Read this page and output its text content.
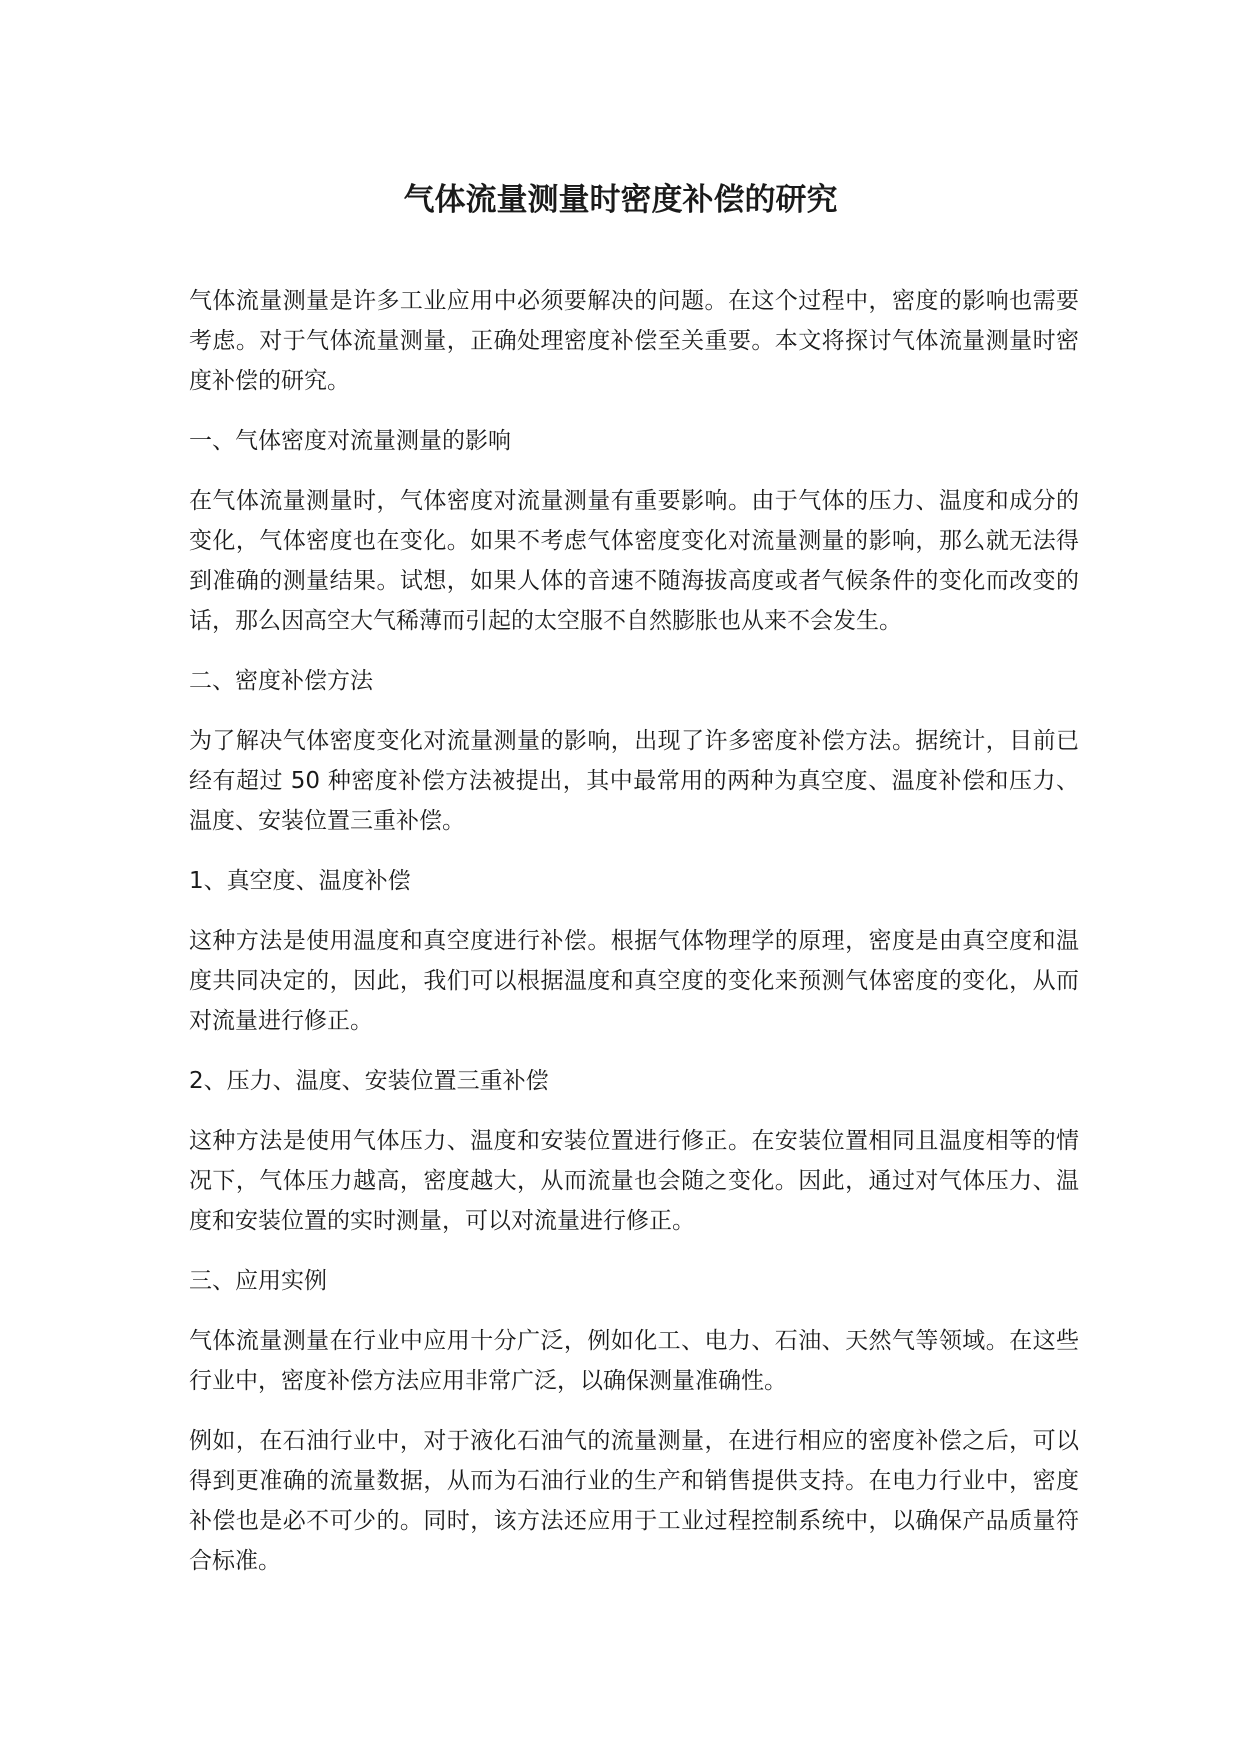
气体流量测量时密度补偿的研究

气体流量测量是许多工业应用中必须要解决的问题。在这个过程中，密度的影响也需要考虑。对于气体流量测量，正确处理密度补偿至关重要。本文将探讨气体流量测量时密度补偿的研究。

一、气体密度对流量测量的影响

在气体流量测量时，气体密度对流量测量有重要影响。由于气体的压力、温度和成分的变化，气体密度也在变化。如果不考虑气体密度变化对流量测量的影响，那么就无法得到准确的测量结果。试想，如果人体的音速不随海拔高度或者气候条件的变化而改变的话，那么因高空大气稀薄而引起的太空服不自然膨胀也从来不会发生。

二、密度补偿方法

为了解决气体密度变化对流量测量的影响，出现了许多密度补偿方法。据统计，目前已经有超过 50 种密度补偿方法被提出，其中最常用的两种为真空度、温度补偿和压力、温度、安装位置三重补偿。

1、真空度、温度补偿

这种方法是使用温度和真空度进行补偿。根据气体物理学的原理，密度是由真空度和温度共同决定的，因此，我们可以根据温度和真空度的变化来预测气体密度的变化，从而对流量进行修正。

2、压力、温度、安装位置三重补偿

这种方法是使用气体压力、温度和安装位置进行修正。在安装位置相同且温度相等的情况下，气体压力越高，密度越大，从而流量也会随之变化。因此，通过对气体压力、温度和安装位置的实时测量，可以对流量进行修正。

三、应用实例

气体流量测量在行业中应用十分广泛，例如化工、电力、石油、天然气等领域。在这些行业中，密度补偿方法应用非常广泛，以确保测量准确性。

例如，在石油行业中，对于液化石油气的流量测量，在进行相应的密度补偿之后，可以得到更准确的流量数据，从而为石油行业的生产和销售提供支持。在电力行业中，密度补偿也是必不可少的。同时，该方法还应用于工业过程控制系统中，以确保产品质量符合标准。
